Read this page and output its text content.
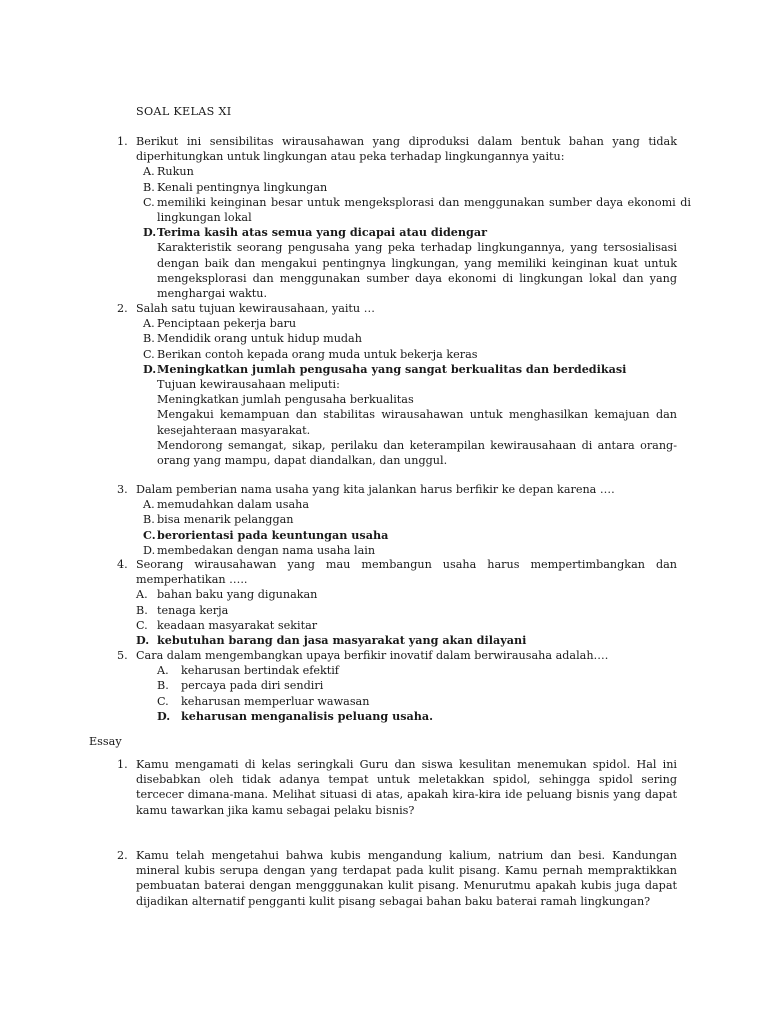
SOAL KELAS XI
1. Berikut ini sensibilitas wirausahawan yang diproduksi dalam bentuk bahan yang tidak diperhitungkan untuk lingkungan atau peka terhadap lingkungannya yaitu:
A. Rukun
B. Kenali pentingnya lingkungan
C. memiliki keinginan besar untuk mengeksplorasi dan menggunakan sumber daya ekonomi di lingkungan lokal
D. Terima kasih atas semua yang dicapai atau didengar
Karakteristik seorang pengusaha yang peka terhadap lingkungannya, yang tersosialisasi dengan baik dan mengakui pentingnya lingkungan, yang memiliki keinginan kuat untuk mengeksplorasi dan menggunakan sumber daya ekonomi di lingkungan lokal dan yang menghargai waktu.
2. Salah satu tujuan kewirausahaan, yaitu …
A. Penciptaan pekerja baru
B. Mendidik orang untuk hidup mudah
C. Berikan contoh kepada orang muda untuk bekerja keras
D. Meningkatkan jumlah pengusaha yang sangat berkualitas dan berdedikasi
Tujuan kewirausahaan meliputi:
Meningkatkan jumlah pengusaha berkualitas
Mengakui kemampuan dan stabilitas wirausahawan untuk menghasilkan kemajuan dan kesejahteraan masyarakat.
Mendorong semangat, sikap, perilaku dan keterampilan kewirausahaan di antara orang-orang yang mampu, dapat diandalkan, dan unggul.
3. Dalam pemberian nama usaha yang kita jalankan harus berfikir ke depan karena ….
A. memudahkan dalam usaha
B. bisa menarik pelanggan
C. berorientasi pada keuntungan usaha
D. membedakan dengan nama usaha lain
4. Seorang wirausahawan yang mau membangun usaha harus mempertimbangkan dan memperhatikan …..
A. bahan baku yang digunakan
B. tenaga kerja
C. keadaan masyarakat sekitar
D. kebutuhan barang dan jasa masyarakat yang akan dilayani
5. Cara dalam mengembangkan upaya berfikir inovatif dalam berwirausaha adalah….
A. keharusan bertindak efektif
B. percaya pada diri sendiri
C. keharusan memperluar wawasan
D. keharusan menganalisis peluang usaha.
Essay
1. Kamu mengamati di kelas seringkali Guru dan siswa kesulitan menemukan spidol. Hal ini disebabkan oleh tidak adanya tempat untuk meletakkan spidol, sehingga spidol sering tercecer dimana-mana. Melihat situasi di atas, apakah kira-kira ide peluang bisnis yang dapat kamu tawarkan jika kamu sebagai pelaku bisnis?
2. Kamu telah mengetahui bahwa kubis mengandung kalium, natrium dan besi. Kandungan mineral kubis serupa dengan yang terdapat pada kulit pisang. Kamu pernah mempraktikkan pembuatan baterai dengan mengggunakan kulit pisang. Menurutmu apakah kubis juga dapat dijadikan alternatif pengganti kulit pisang sebagai bahan baku baterai ramah lingkungan?
